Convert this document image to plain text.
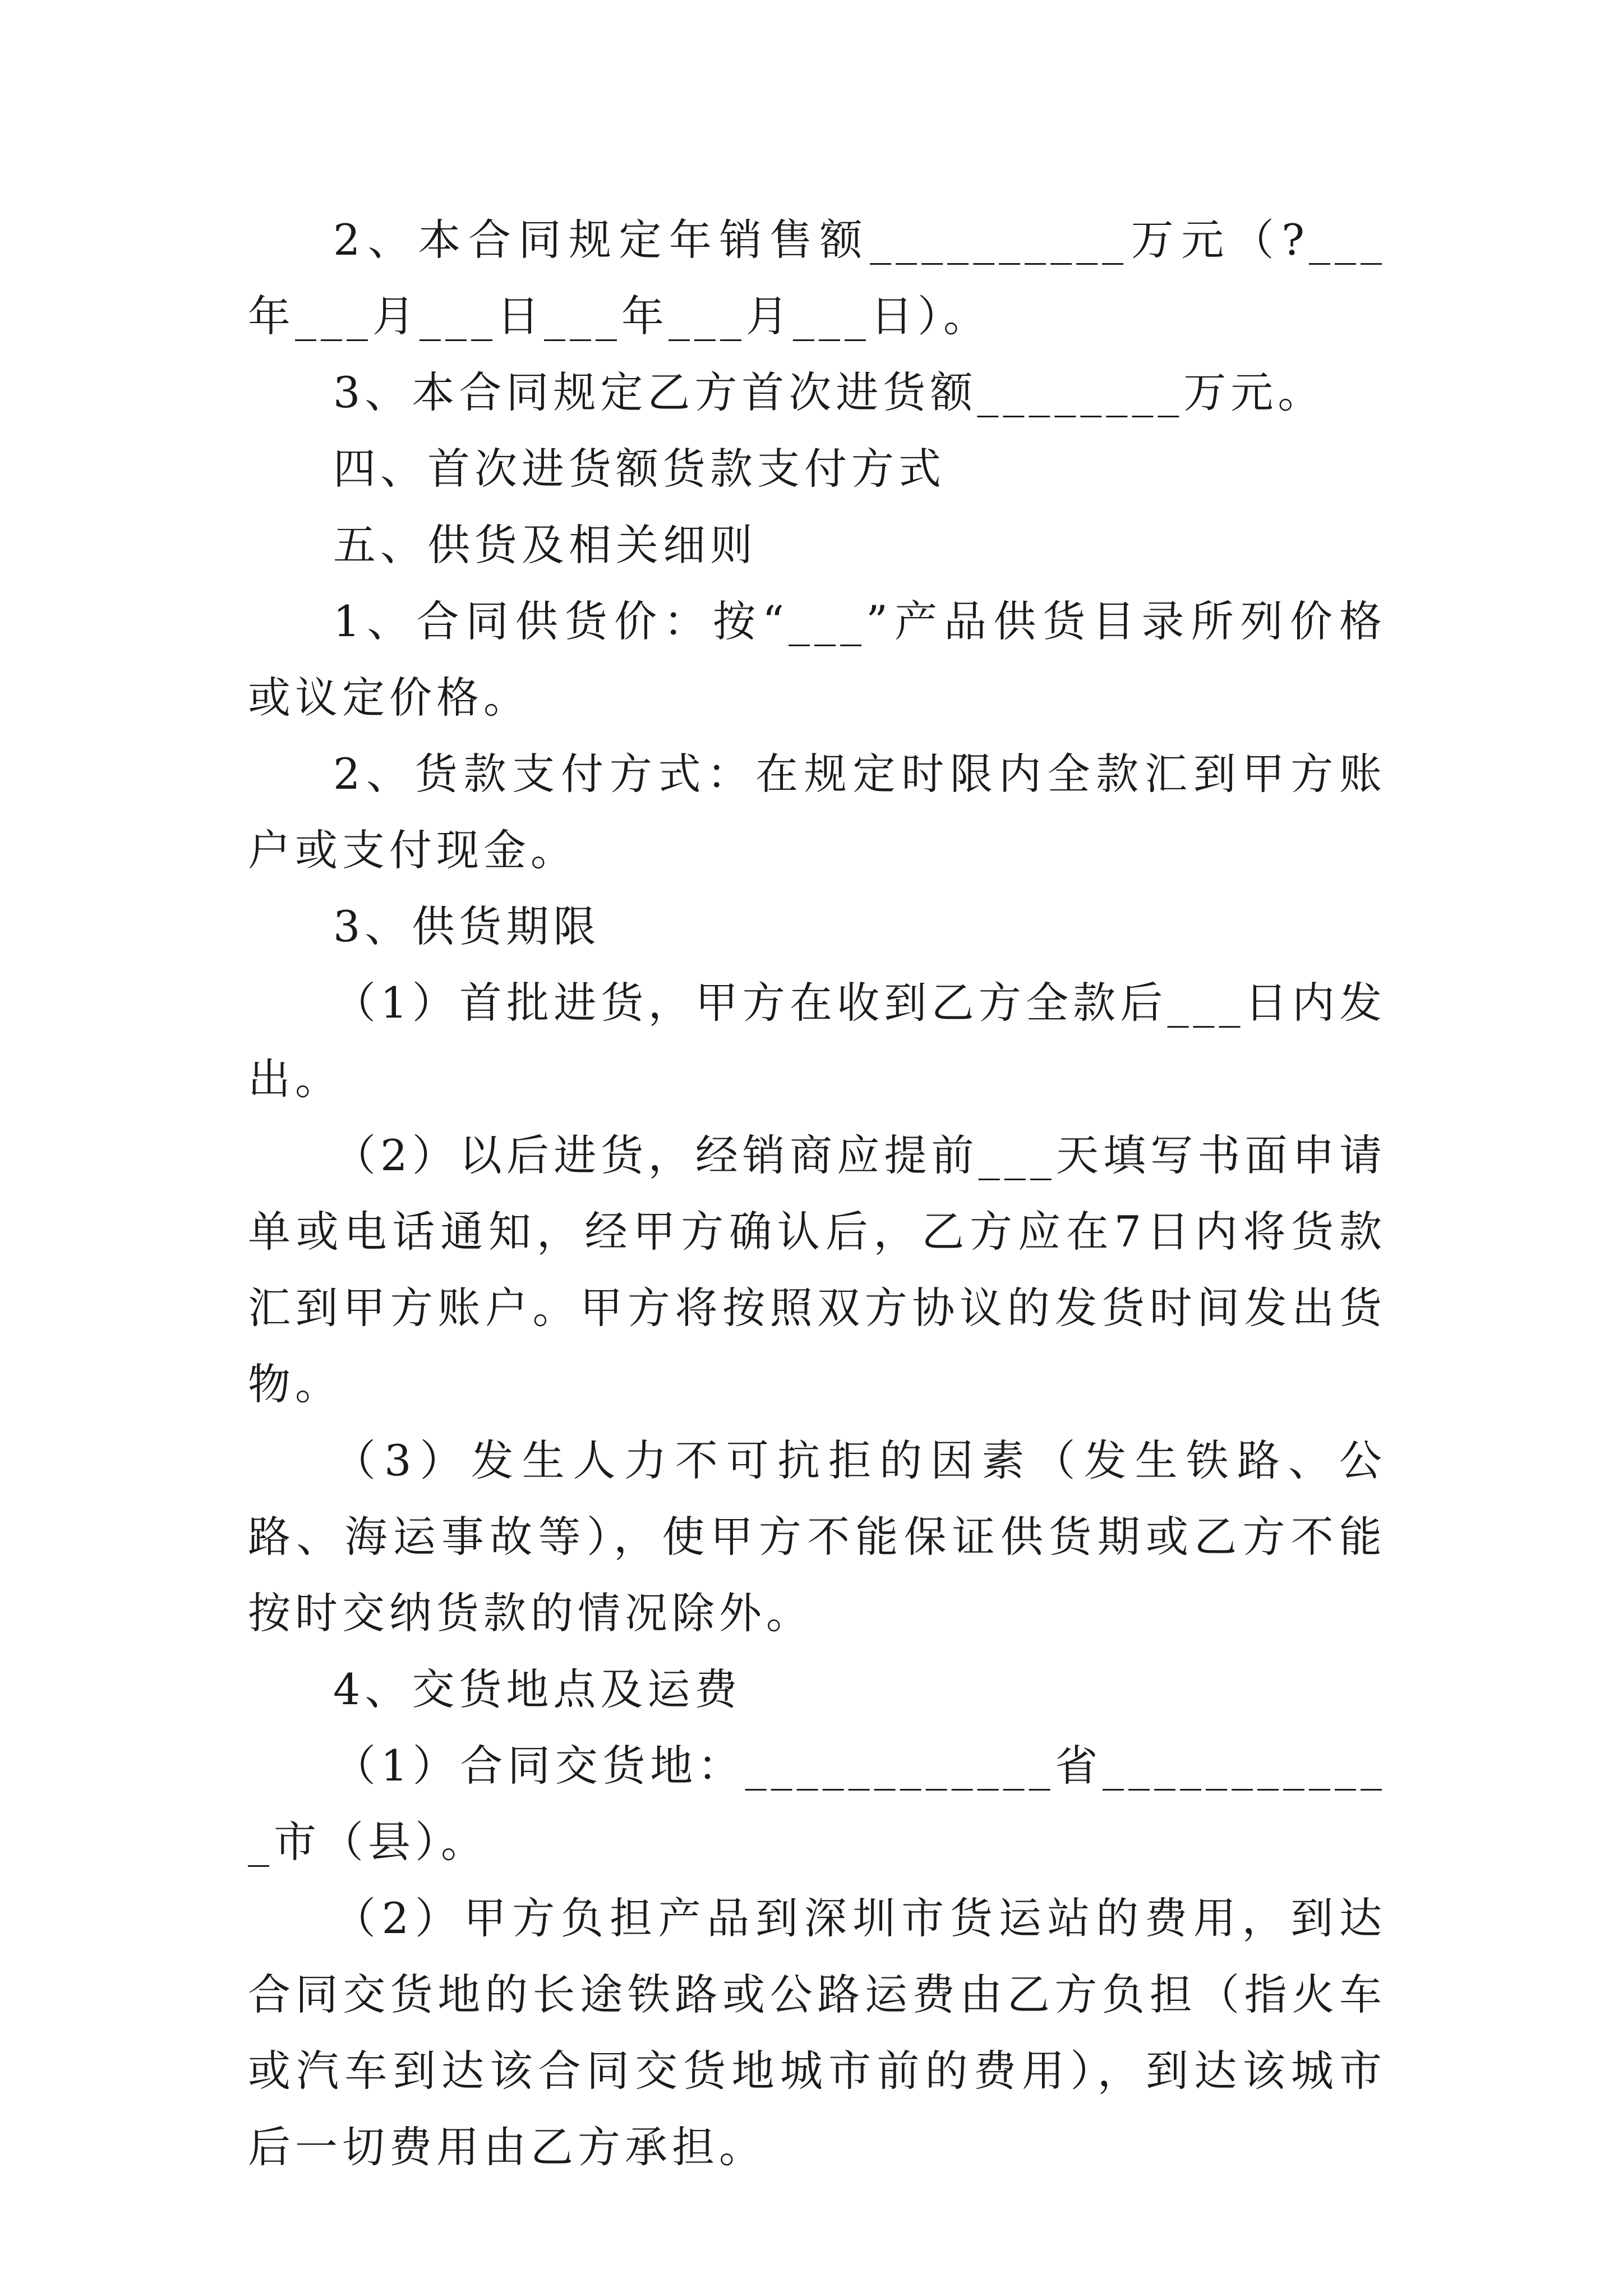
2、本合同规定年销售额__________万元（?___年___月___日___年___月___日）。

3、本合同规定乙方首次进货额________万元。

四、首次进货额货款支付方式

五、供货及相关细则

1、合同供货价：按“___”产品供货目录所列价格或议定价格。

2、货款支付方式：在规定时限内全款汇到甲方账户或支付现金。

3、供货期限

（1）首批进货，甲方在收到乙方全款后___日内发出。

（2）以后进货，经销商应提前___天填写书面申请单或电话通知，经甲方确认后，乙方应在7日内将货款汇到甲方账户。甲方将按照双方协议的发货时间发出货物。

（3）发生人力不可抗拒的因素（发生铁路、公路、海运事故等），使甲方不能保证供货期或乙方不能按时交纳货款的情况除外。

4、交货地点及运费

（1）合同交货地：____________省____________市（县）。

（2）甲方负担产品到深圳市货运站的费用，到达合同交货地的长途铁路或公路运费由乙方负担（指火车或汽车到达该合同交货地城市前的费用），到达该城市后一切费用由乙方承担。
